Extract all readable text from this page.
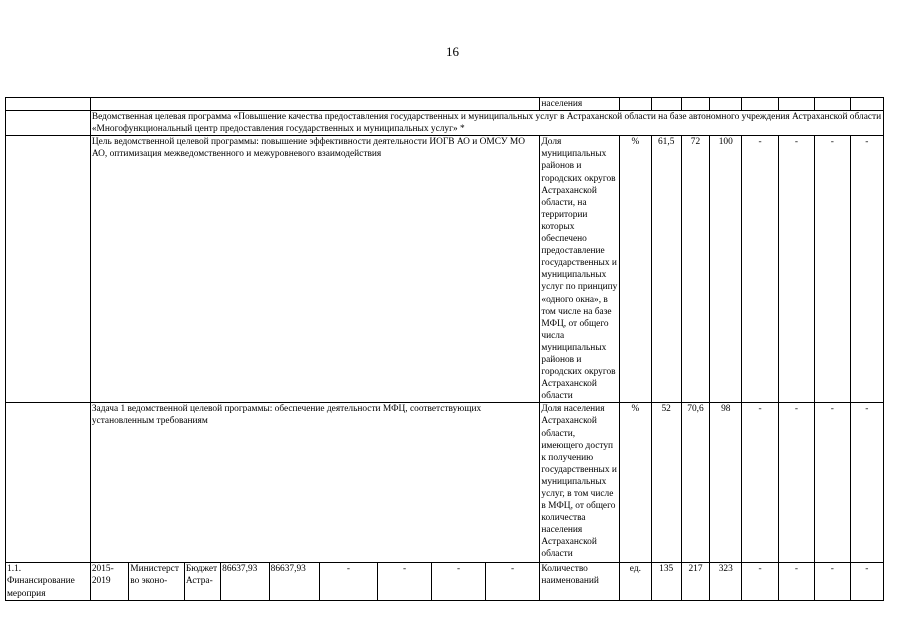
16
										населения								
	Ведомственная целевая программа «Повышение качества предоставления государственных и муниципальных услуг в Астраханской области на базе автономного учреждения Астраханской области «Многофункциональный центр предоставления государственных и муниципальных услуг» *																	
	Цель ведомственной целевой программы: повышение эффективности деятельности ИОГВ АО и ОМСУ МО АО, оптимизация межведомственного и межуровневого взаимодействия									Доля муниципальных районов и городских округов Астраханской области, на территории которых обеспечено предоставление государственных и муниципальных услуг по принципу «одного окна», в том числе на базе МФЦ, от общего числа муниципальных районов и городских округов Астраханской области	%	61,5	72	100	-	-	-	-
	Задача 1 ведомственной целевой программы: обеспечение деятельности МФЦ, соответствующих установленным требованиям									Доля населения Астраханской области, имеющего доступ к получению государственных и муниципальных услуг, в том числе в МФЦ, от общего количества населения Астраханской области	%	52	70,6	98	-	-	-	-
1.1. Финансирование мероприя	2015-2019	Министерство эконо-	Бюджет Астра-	86637,93	86637,93	-	-	-	-	Количество наименований	ед.	135	217	323	-	-	-	-
